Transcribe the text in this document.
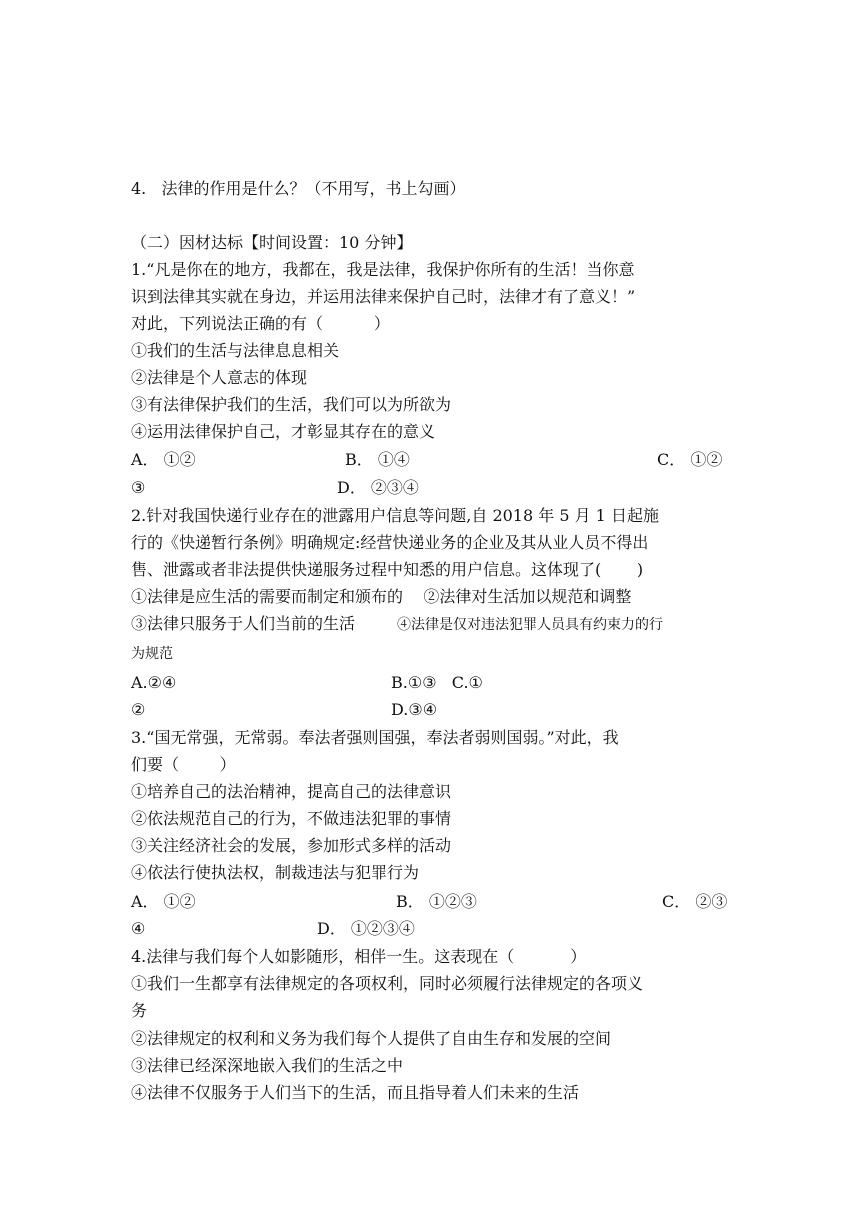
4.   法律的作用是什么？（不用写，书上勾画）
（二）因材达标【时间设置：10 分钟】
1.“凡是你在的地方，我都在，我是法律，我保护你所有的生活！当你意
识到法律其实就在身边，并运用法律来保护自己时，法律才有了意义！”
对此，下列说法正确的有（          ）
①我们的生活与法律息息相关
②法律是个人意志的体现
③有法律保护我们的生活，我们可以为所欲为
④运用法律保护自己，才彰显其存在的意义
A． ①②	B． ①④	C． ①②
③	D． ②③④
2.针对我国快递行业存在的泄露用户信息等问题,自 2018 年 5 月 1 日起施
行的《快递暂行条例》明确规定:经营快递业务的企业及其从业人员不得出
售、泄露或者非法提供快递服务过程中知悉的用户信息。这体现了(       )
①法律是应生活的需要而制定和颁布的    ②法律对生活加以规范和调整
③法律只服务于人们当前的生活 ④法律是仅对违法犯罪人员具有约束力的行
为规范
A.②④	B.①③   C.①
②	D.③④
3.“国无常强，无常弱。奉法者强则国强，奉法者弱则国弱。”对此，我
们要（        ）
①培养自己的法治精神，提高自己的法律意识
②依法规范自己的行为，不做违法犯罪的事情
③关注经济社会的发展，参加形式多样的活动
④依法行使执法权，制裁违法与犯罪行为
A． ①②	B． ①②③	C． ②③
④	D． ①②③④
4.法律与我们每个人如影随形，相伴一生。这表现在（           ）
①我们一生都享有法律规定的各项权利，同时必须履行法律规定的各项义
务
②法律规定的权利和义务为我们每个人提供了自由生存和发展的空间
③法律已经深深地嵌入我们的生活之中
④法律不仅服务于人们当下的生活，而且指导着人们未来的生活
